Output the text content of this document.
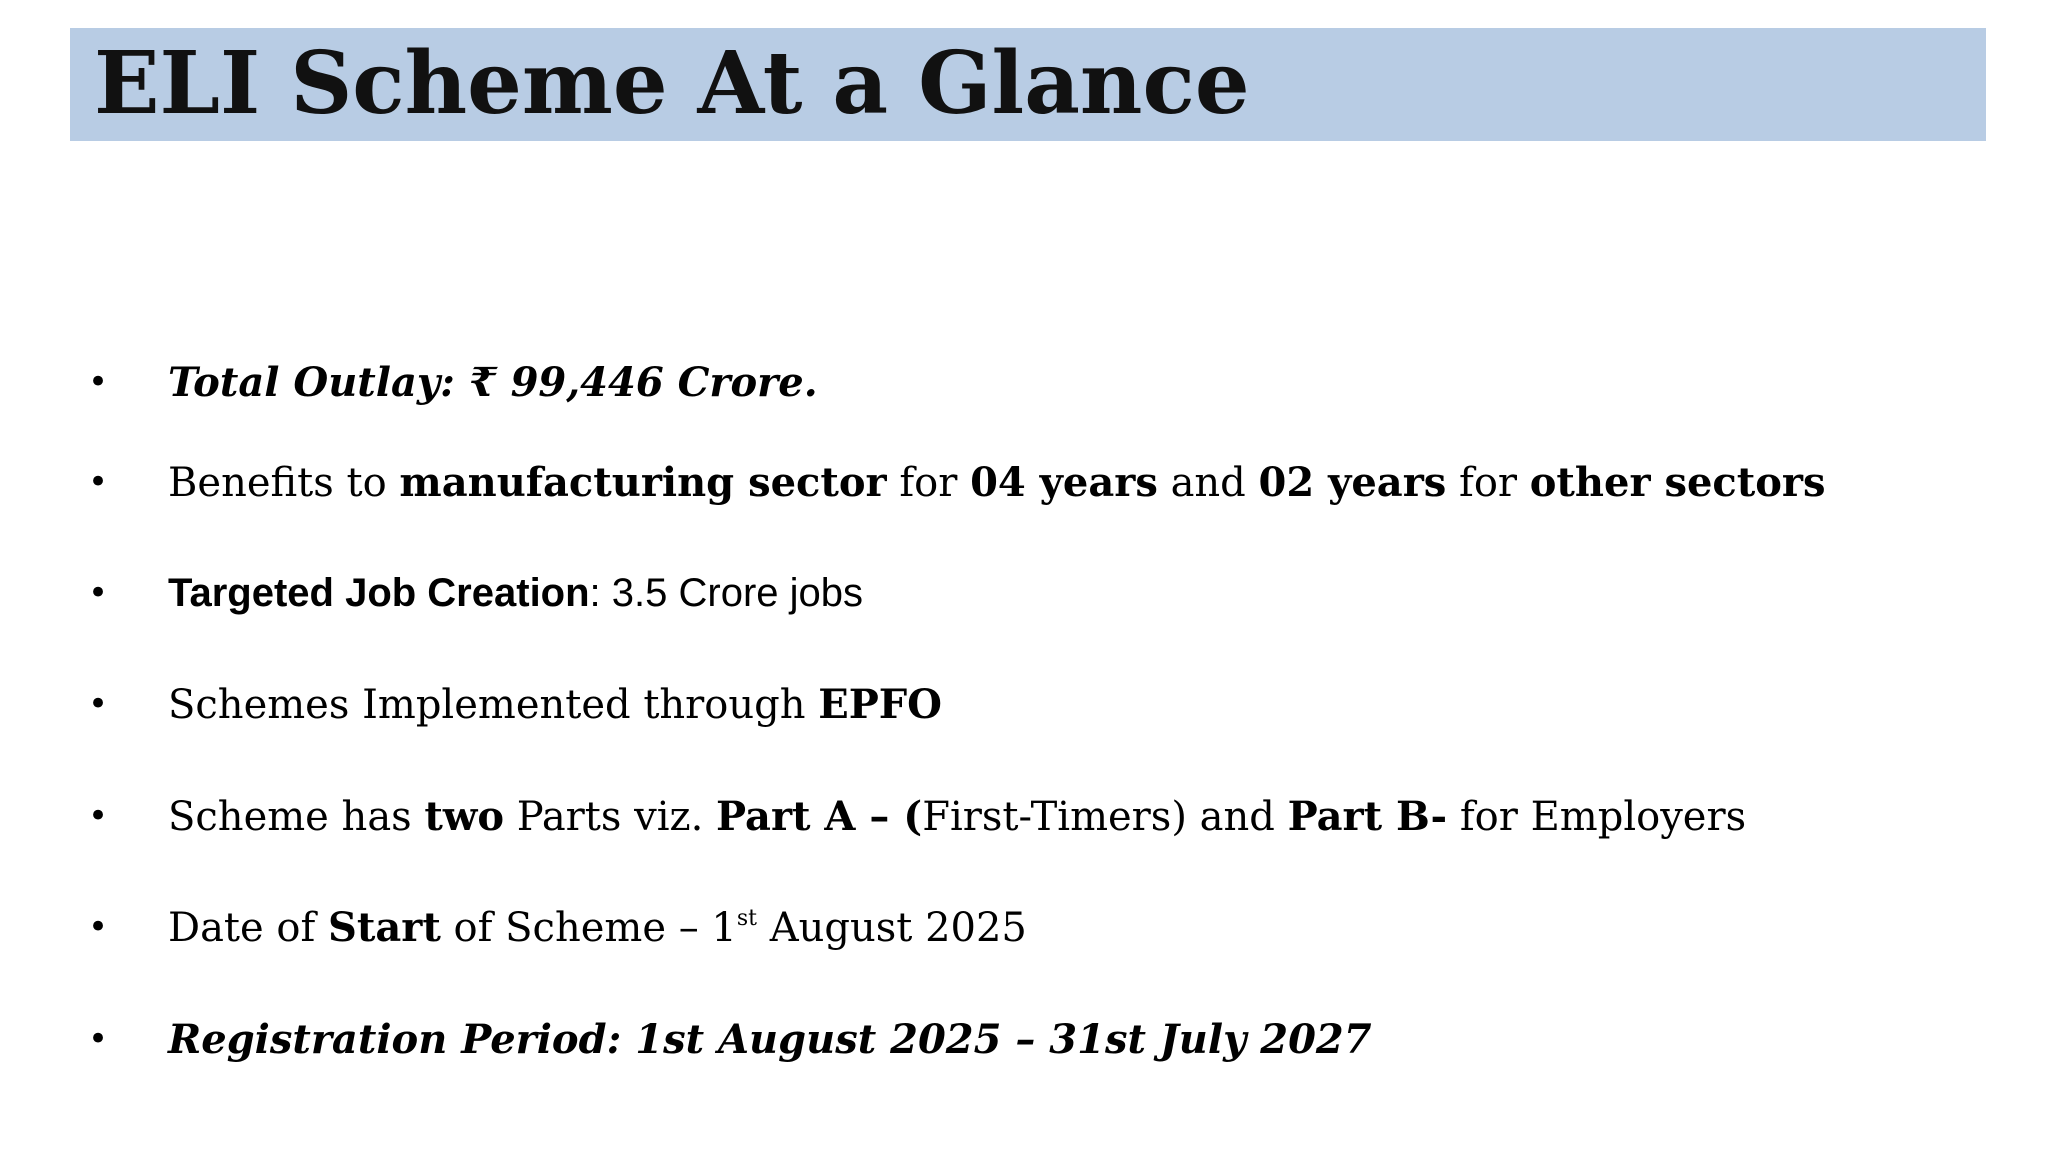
ELI Scheme At a Glance
•	Total Outlay: ₹ 99,446 Crore.
•	Benefits to manufacturing sector for 04 years and 02 years for other sectors
•	Targeted Job Creation: 3.5 Crore jobs
•	Schemes Implemented through EPFO
•	Scheme has two Parts viz. Part A – (First-Timers) and Part B- for Employers
•	Date of Start of Scheme – 1st August 2025
•	Registration Period: 1st August 2025 – 31st July 2027
